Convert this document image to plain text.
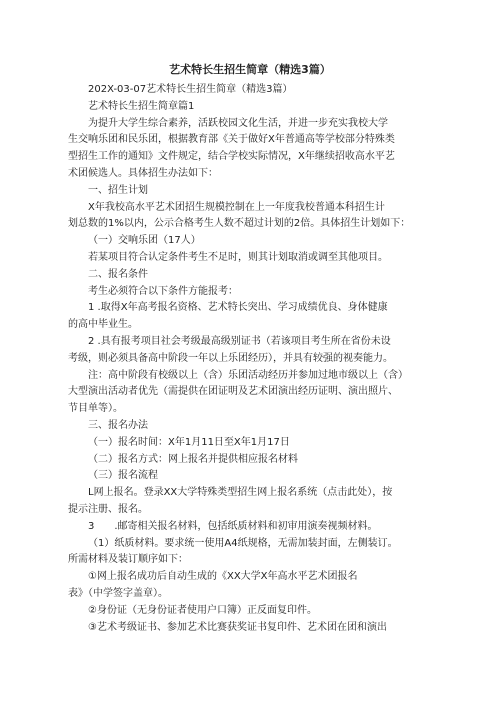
艺术特长生招生简章（精选3篇）
202X-03-07艺术特长生招生简章（精选3篇）
艺术特长生招生简章篇1
为提升大学生综合素养，活跃校园文化生活，并进一步充实我校大学
生交响乐团和民乐团，根据教育部《关于做好X年普通高等学校部分特殊类
型招生工作的通知》文件规定，结合学校实际情况，X年继续招收高水平艺
术团候选人。具体招生办法如下：
一、招生计划
X年我校高水平艺术团招生规模控制在上一年度我校普通本科招生计
划总数的1%以内，公示合格考生人数不超过计划的2倍。具体招生计划如下：
（一）交响乐团（17人）
若某项目符合认定条件考生不足时，则其计划取消或调至其他项目。
二、报名条件
考生必须符合以下条件方能报考：
1 .取得X年高考报名资格、艺术特长突出、学习成绩优良、身体健康
的高中毕业生。
2 .具有报考项目社会考级最高级别证书（若该项目考生所在省份未设
考级，则必须具备高中阶段一年以上乐团经历），并具有较强的视奏能力。
注：高中阶段有校级以上（含）乐团活动经历并参加过地市级以上（含）
大型演出活动者优先（需提供在团证明及艺术团演出经历证明、演出照片、
节目单等）。
三、报名办法
（一）报名时间：X年1月11日至X年1月17日
（二）报名方式：网上报名并提供相应报名材料
（三）报名流程
L网上报名。登录XX大学特殊类型招生网上报名系统（点击此处），按
提示注册、报名。
3　　.邮寄相关报名材料，包括纸质材料和初审用演奏视频材料。
（1）纸质材料。要求统一使用A4纸规格，无需加装封面，左侧装订。
所需材料及装订顺序如下：
①网上报名成功后自动生成的《XX大学X年高水平艺术团报名
表》（中学签字盖章）。
②身份证（无身份证者使用户口簿）正反面复印件。
③艺术考级证书、参加艺术比赛获奖证书复印件、艺术团在团和演出
